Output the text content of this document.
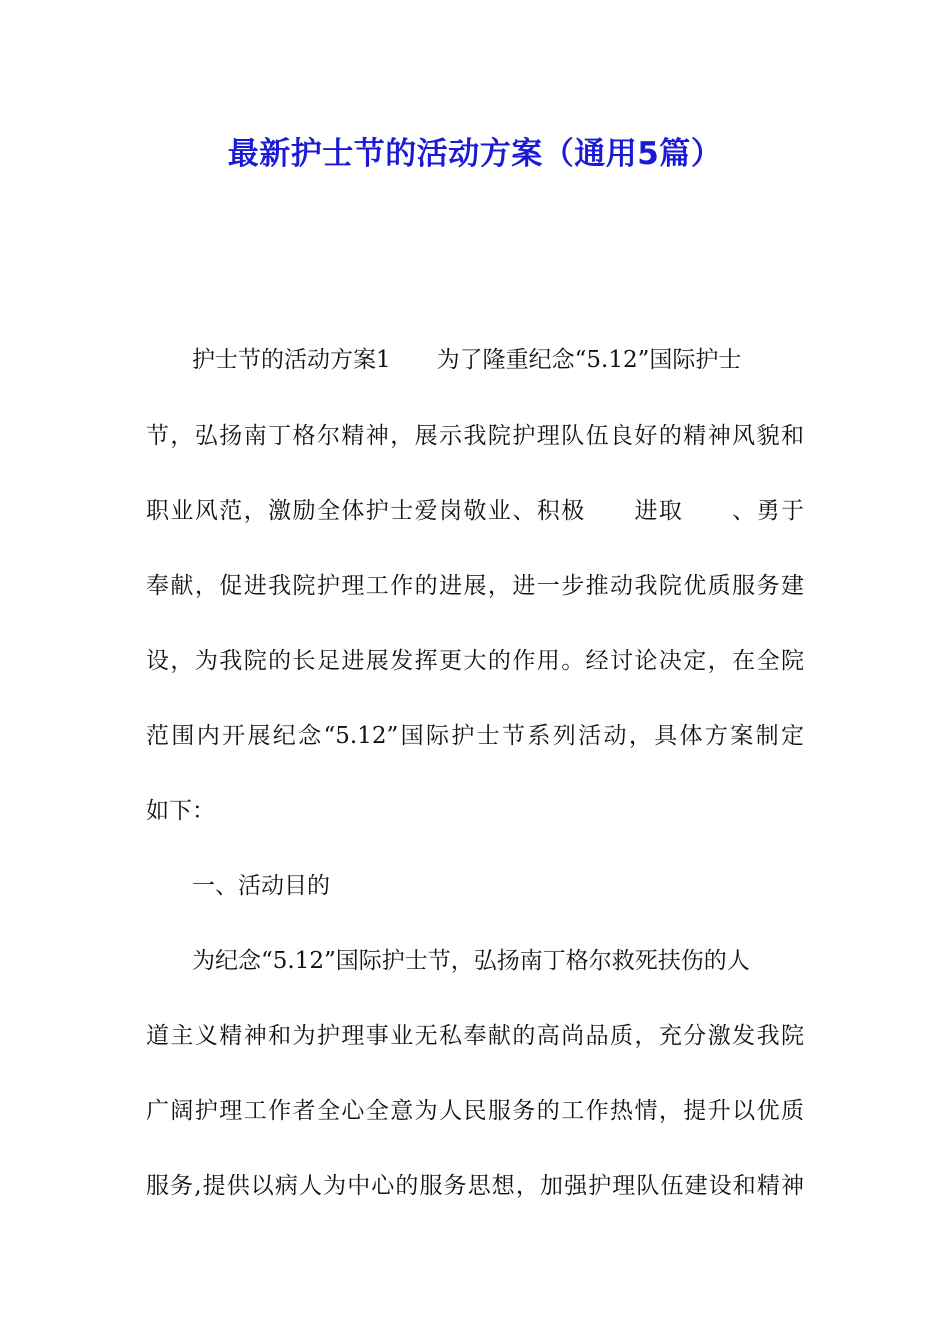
最新护士节的活动方案（通用5篇）
护士节的活动方案1　　为了隆重纪念“5.12”国际护士
节，弘扬南丁格尔精神，展示我院护理队伍良好的精神风貌和
职业风范，激励全体护士爱岗敬业、积极　　进取　　、勇于
奉献，促进我院护理工作的进展，进一步推动我院优质服务建
设，为我院的长足进展发挥更大的作用。经讨论决定，在全院
范围内开展纪念“5.12”国际护士节系列活动，具体方案制定
如下：
一、活动目的
为纪念“5.12”国际护士节，弘扬南丁格尔救死扶伤的人
道主义精神和为护理事业无私奉献的高尚品质，充分激发我院
广阔护理工作者全心全意为人民服务的工作热情，提升以优质
服务,提供以病人为中心的服务思想，加强护理队伍建设和精神
